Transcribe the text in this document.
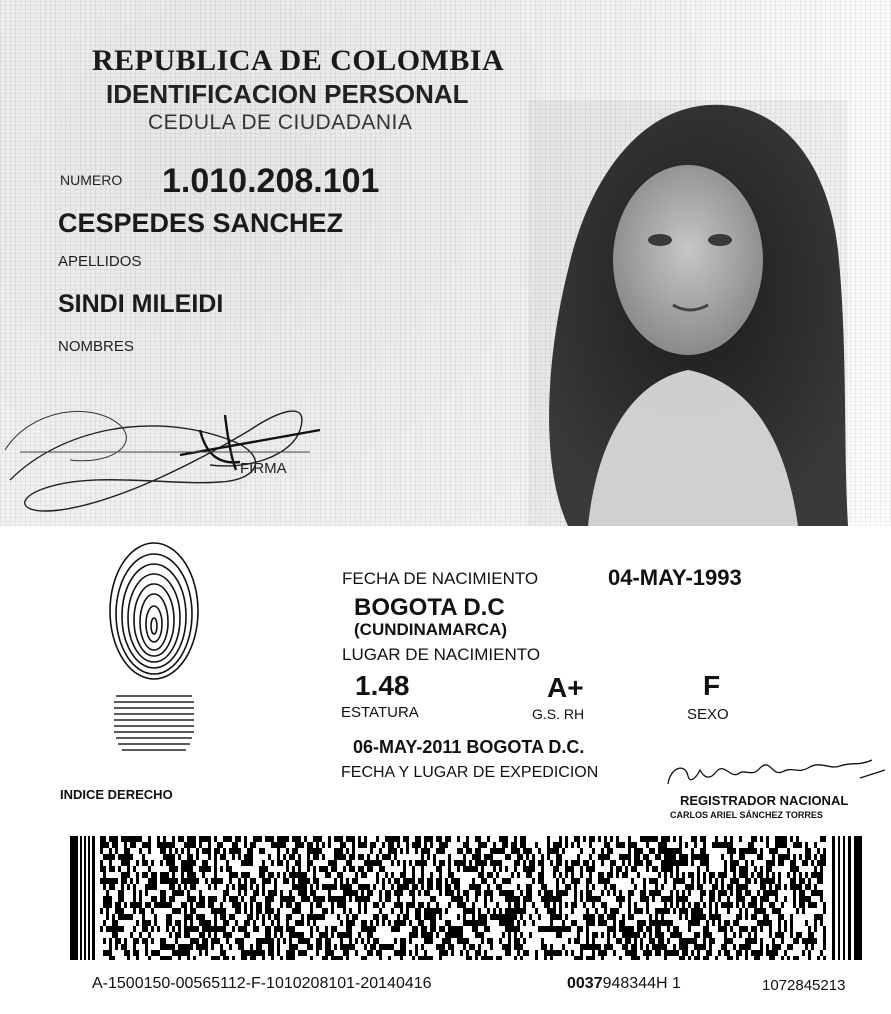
REPUBLICA DE COLOMBIA
IDENTIFICACION PERSONAL
CEDULA DE CIUDADANIA
NUMERO 1.010.208.101
CESPEDES SANCHEZ
APELLIDOS
SINDI MILEIDI
NOMBRES
FIRMA
INDICE DERECHO
FECHA DE NACIMIENTO	04-MAY-1993
BOGOTA D.C
(CUNDINAMARCA)
LUGAR DE NACIMIENTO
1.48
ESTATURA
A+
G.S. RH
F
SEXO
06-MAY-2011 BOGOTA D.C.
FECHA Y LUGAR DE EXPEDICION
REGISTRADOR NACIONAL
CARLOS ARIEL SÁNCHEZ TORRES
A-1500150-00565112-F-1010208101-20140416	0037948344H 1	1072845213
